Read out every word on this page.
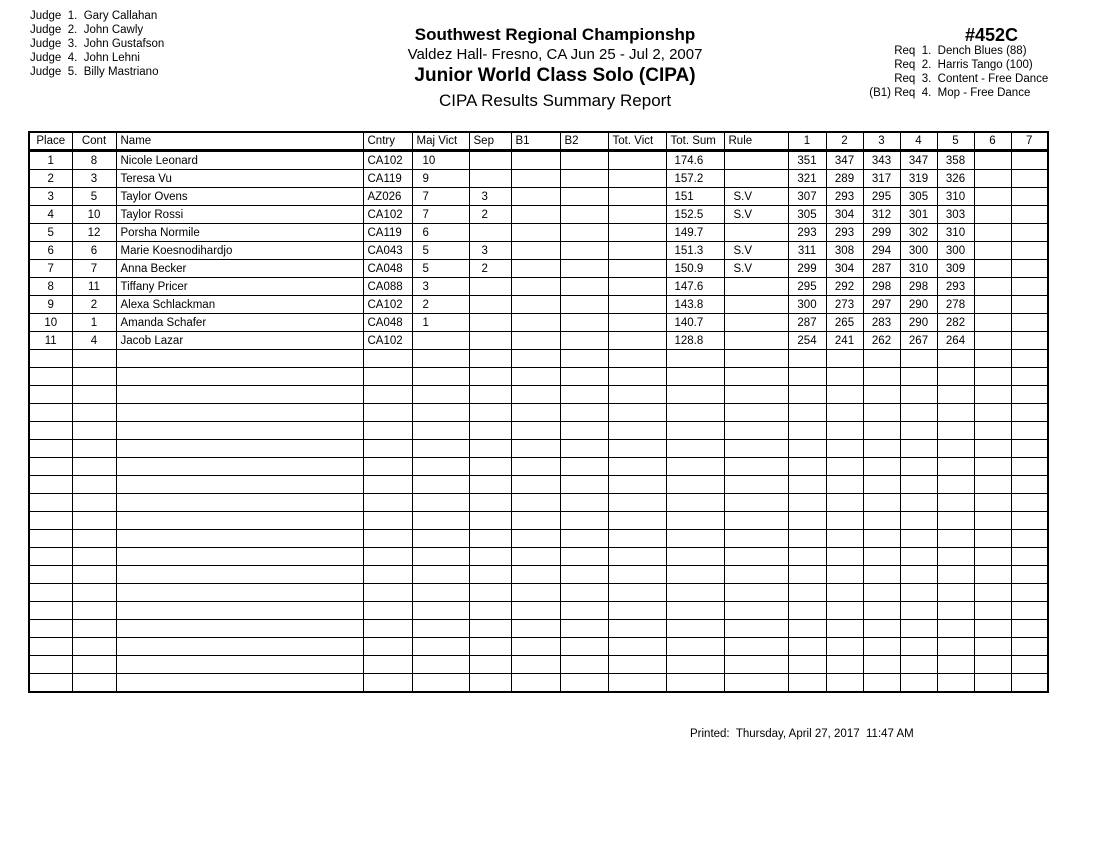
Judge  1.  Gary Callahan
Judge  2.  John Cawly
Judge  3.  John Gustafson
Judge  4.  John Lehni
Judge  5.  Billy Mastriano
Southwest Regional Championshp
Valdez Hall- Fresno, CA Jun 25 - Jul 2, 2007
Junior World Class Solo (CIPA)
CIPA Results Summary Report
#452C
Req  1.  Dench Blues (88)
Req  2.  Harris Tango (100)
Req  3.  Content - Free Dance
(B1) Req  4.  Mop - Free Dance
Place	Cont	Name	Cntry	Maj Vict	Sep	B1	B2	Tot. Vict	Tot. Sum	Rule	1	2	3	4	5	6	7
1	8	Nicole Leonard	CA102	10					174.6		351	347	343	347	358		
2	3	Teresa Vu	CA119	9					157.2		321	289	317	319	326		
3	5	Taylor Ovens	AZ026	7	3				151	S.V	307	293	295	305	310		
4	10	Taylor Rossi	CA102	7	2				152.5	S.V	305	304	312	301	303		
5	12	Porsha Normile	CA119	6					149.7		293	293	299	302	310		
6	6	Marie Koesnodihardjo	CA043	5	3				151.3	S.V	311	308	294	300	300		
7	7	Anna Becker	CA048	5	2				150.9	S.V	299	304	287	310	309		
8	11	Tiffany Pricer	CA088	3					147.6		295	292	298	298	293		
9	2	Alexa Schlackman	CA102	2					143.8		300	273	297	290	278		
10	1	Amanda Schafer	CA048	1					140.7		287	265	283	290	282		
11	4	Jacob Lazar	CA102						128.8		254	241	262	267	264		

Printed:  Thursday, April 27, 2017  11:47 AM
